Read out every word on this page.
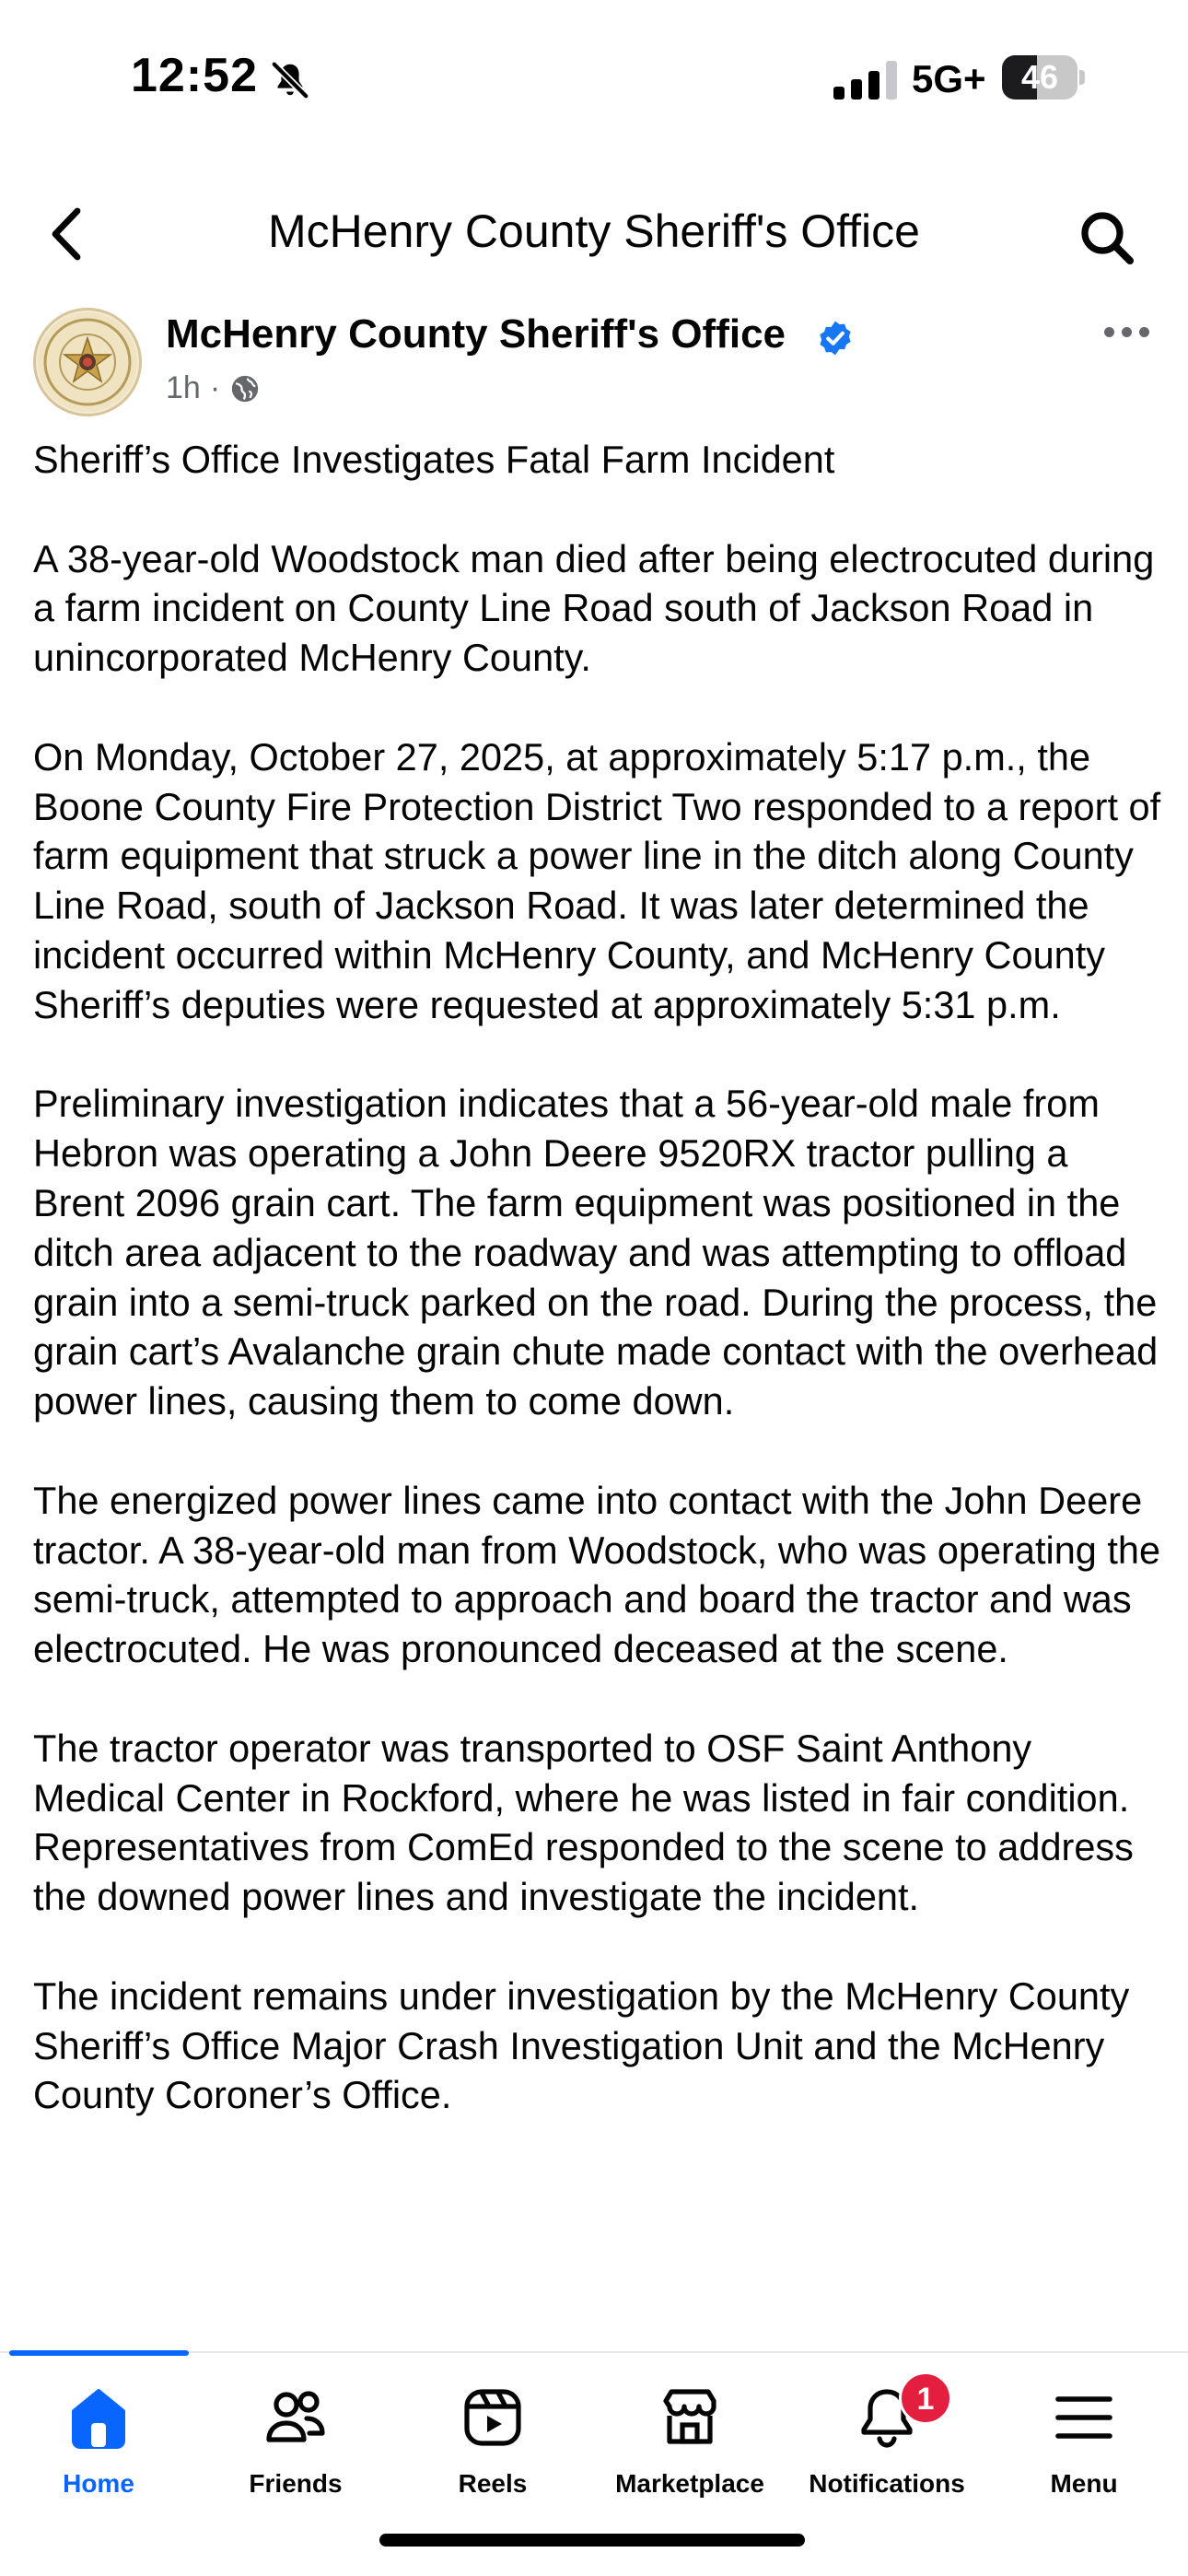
12:52	5G+	46
McHenry County Sheriff's Office
McHenry County Sheriff's Office
1h ·

Sheriff’s Office Investigates Fatal Farm Incident

A 38-year-old Woodstock man died after being electrocuted during a farm incident on County Line Road south of Jackson Road in unincorporated McHenry County.

On Monday, October 27, 2025, at approximately 5:17 p.m., the Boone County Fire Protection District Two responded to a report of farm equipment that struck a power line in the ditch along County Line Road, south of Jackson Road. It was later determined the incident occurred within McHenry County, and McHenry County Sheriff’s deputies were requested at approximately 5:31 p.m.

Preliminary investigation indicates that a 56-year-old male from Hebron was operating a John Deere 9520RX tractor pulling a Brent 2096 grain cart. The farm equipment was positioned in the ditch area adjacent to the roadway and was attempting to offload grain into a semi-truck parked on the road. During the process, the grain cart’s Avalanche grain chute made contact with the overhead power lines, causing them to come down.

The energized power lines came into contact with the John Deere tractor. A 38-year-old man from Woodstock, who was operating the semi-truck, attempted to approach and board the tractor and was electrocuted. He was pronounced deceased at the scene.

The tractor operator was transported to OSF Saint Anthony Medical Center in Rockford, where he was listed in fair condition. Representatives from ComEd responded to the scene to address the downed power lines and investigate the incident.

The incident remains under investigation by the McHenry County Sheriff’s Office Major Crash Investigation Unit and the McHenry County Coroner’s Office.

Home	Friends	Reels	Marketplace
1
Notifications	Menu
